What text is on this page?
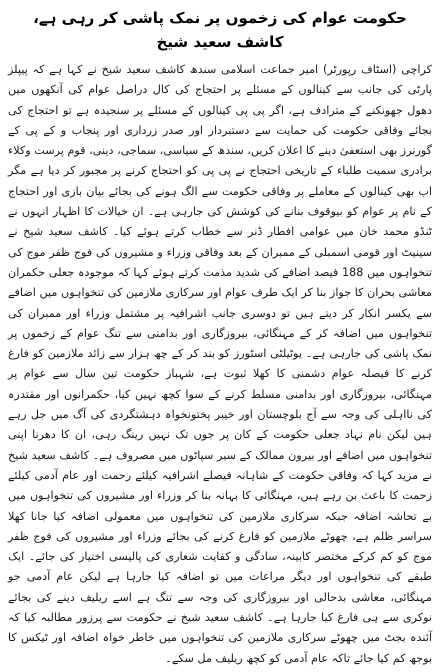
حکومت عوام کی زخموں پر نمک پاشی کر رہی ہے، کاشف سعید شیخ

کراچی (اسٹاف رپورٹر) امیر جماعت اسلامی سندھ کاشف سعید شیخ نے کہا ہے کہ پیپلز پارٹی کی جانب سے کینالوں کے مسئلے پر احتجاج کی کال دراصل عوام کی آنکھوں میں دھول جھونکنے کے مترادف ہے، اگر پی پی کینالوں کے مسئلے پر سنجیدہ ہے تو احتجاج کی بجائے وفاقی حکومت کی حمایت سے دستبردار اور صدر زرداری اور پنجاب و کے پی کے گورنرز بھی استعفیٰ دینے کا اعلان کریں، سندھ کے سیاسی، سماجی، دینی، قوم پرست وکلاء برادری سمیت طلباء کے تاریخی احتجاج نے پی پی کو احتجاج کرنے پر مجبور کر دیا ہے مگر اب بھی کینالوں کے معاملے پر وفاقی حکومت سے الگ ہونے کی بجائے بیان بازی اور احتجاج کے نام پر عوام کو بیوقوف بنانے کی کوشش کی جارہی ہے۔ ان خیالات کا اظہار انہوں نے ٹنڈو محمد خان میں عوامی افطار ڈنر سے خطاب کرتے ہوئے کیا۔ کاشف سعید شیخ نے سینیٹ اور قومی اسمبلی کے ممبران کے بعد وفاقی وزراء و مشیروں کی فوج ظفر موج کی تنخواہوں میں 188 فیصد اضافے کی شدید مذمت کرتے ہوئے کہا کہ موجودہ جعلی حکمران معاشی بحران کا جواز بنا کر ایک طرف عوام اور سرکاری ملازمین کی تنخواہوں میں اضافے سے یکسر انکار کر دیتے ہیں تو دوسری جانب اشرافیہ پر مشتمل وزراء اور ممبران کی تنخواہوں میں اضافہ کر کے مہنگائی، بیروزگاری اور بدامنی سے تنگ عوام کے زخموں پر نمک پاشی کی جارہی ہے۔ یوٹیلٹی اسٹورز کو بند کر کے چھ ہزار سے زائد ملازمین کو فارغ کرنے کا فیصلہ عوام دشمنی کا کھلا ثبوت ہے، شہباز حکومت تین سال سے عوام پر مہنگائی، بیروزگاری اور بدامنی مسلط کرنے کے سوا کچھ نہیں کیا، حکمرانوں اور مقتدرہ کی نااہلی کی وجہ سے آج بلوچستان اور خیبر پختونخواہ دہشتگردی کی آگ میں جل رہے ہیں لیکن نام نہاد جعلی حکومت کے کان پر جوں تک نہیں رینگ رہی، ان کا دھرنا اپنی تنخواہوں میں اضافے اور بیرون ممالک کے سیر سپاٹوں میں مصروف ہے۔ کاشف سعید شیخ نے مزید کہا کہ وفاقی حکومت کے شاہانہ فیصلے اشرافیہ کیلئے رحمت اور عام آدمی کیلئے زحمت کا باعث بن رہے ہیں، مہنگائی کا بہانہ بنا کر وزراء اور مشیروں کی تنخواہوں میں بے تحاشہ اضافہ جبکہ سرکاری ملازمین کی تنخواہوں میں معمولی اضافہ کیا جانا کھلا سراسر ظلم ہے، چھوٹے ملازمین کو فارغ کرنے کی بجائے وزراء اور مشیروں کی فوج ظفر موج کو کم کرکے مختصر کابینہ، سادگی و کفایت شعاری کی پالیسی اختیار کی جائے۔ ایک طبقے کی تنخواہوں اور دیگر مراعات میں تو اضافہ کیا جارہا ہے لیکن عام آدمی جو مہنگائی، معاشی بدحالی اور بیروزگاری کی وجہ سے تنگ ہے اسے ریلیف دینے کی بجائے نوکری سے ہی فارغ کیا جارہا ہے۔ کاشف سعید شیخ نے حکومت سے پرزور مطالبہ کیا کہ آئندہ بجٹ میں چھوٹے سرکاری ملازمین کی تنخواہوں میں خاطر خواہ اضافہ اور ٹیکس کا بوجھ کم کیا جائے تاکہ عام آدمی کو کچھ ریلیف مل سکے۔
